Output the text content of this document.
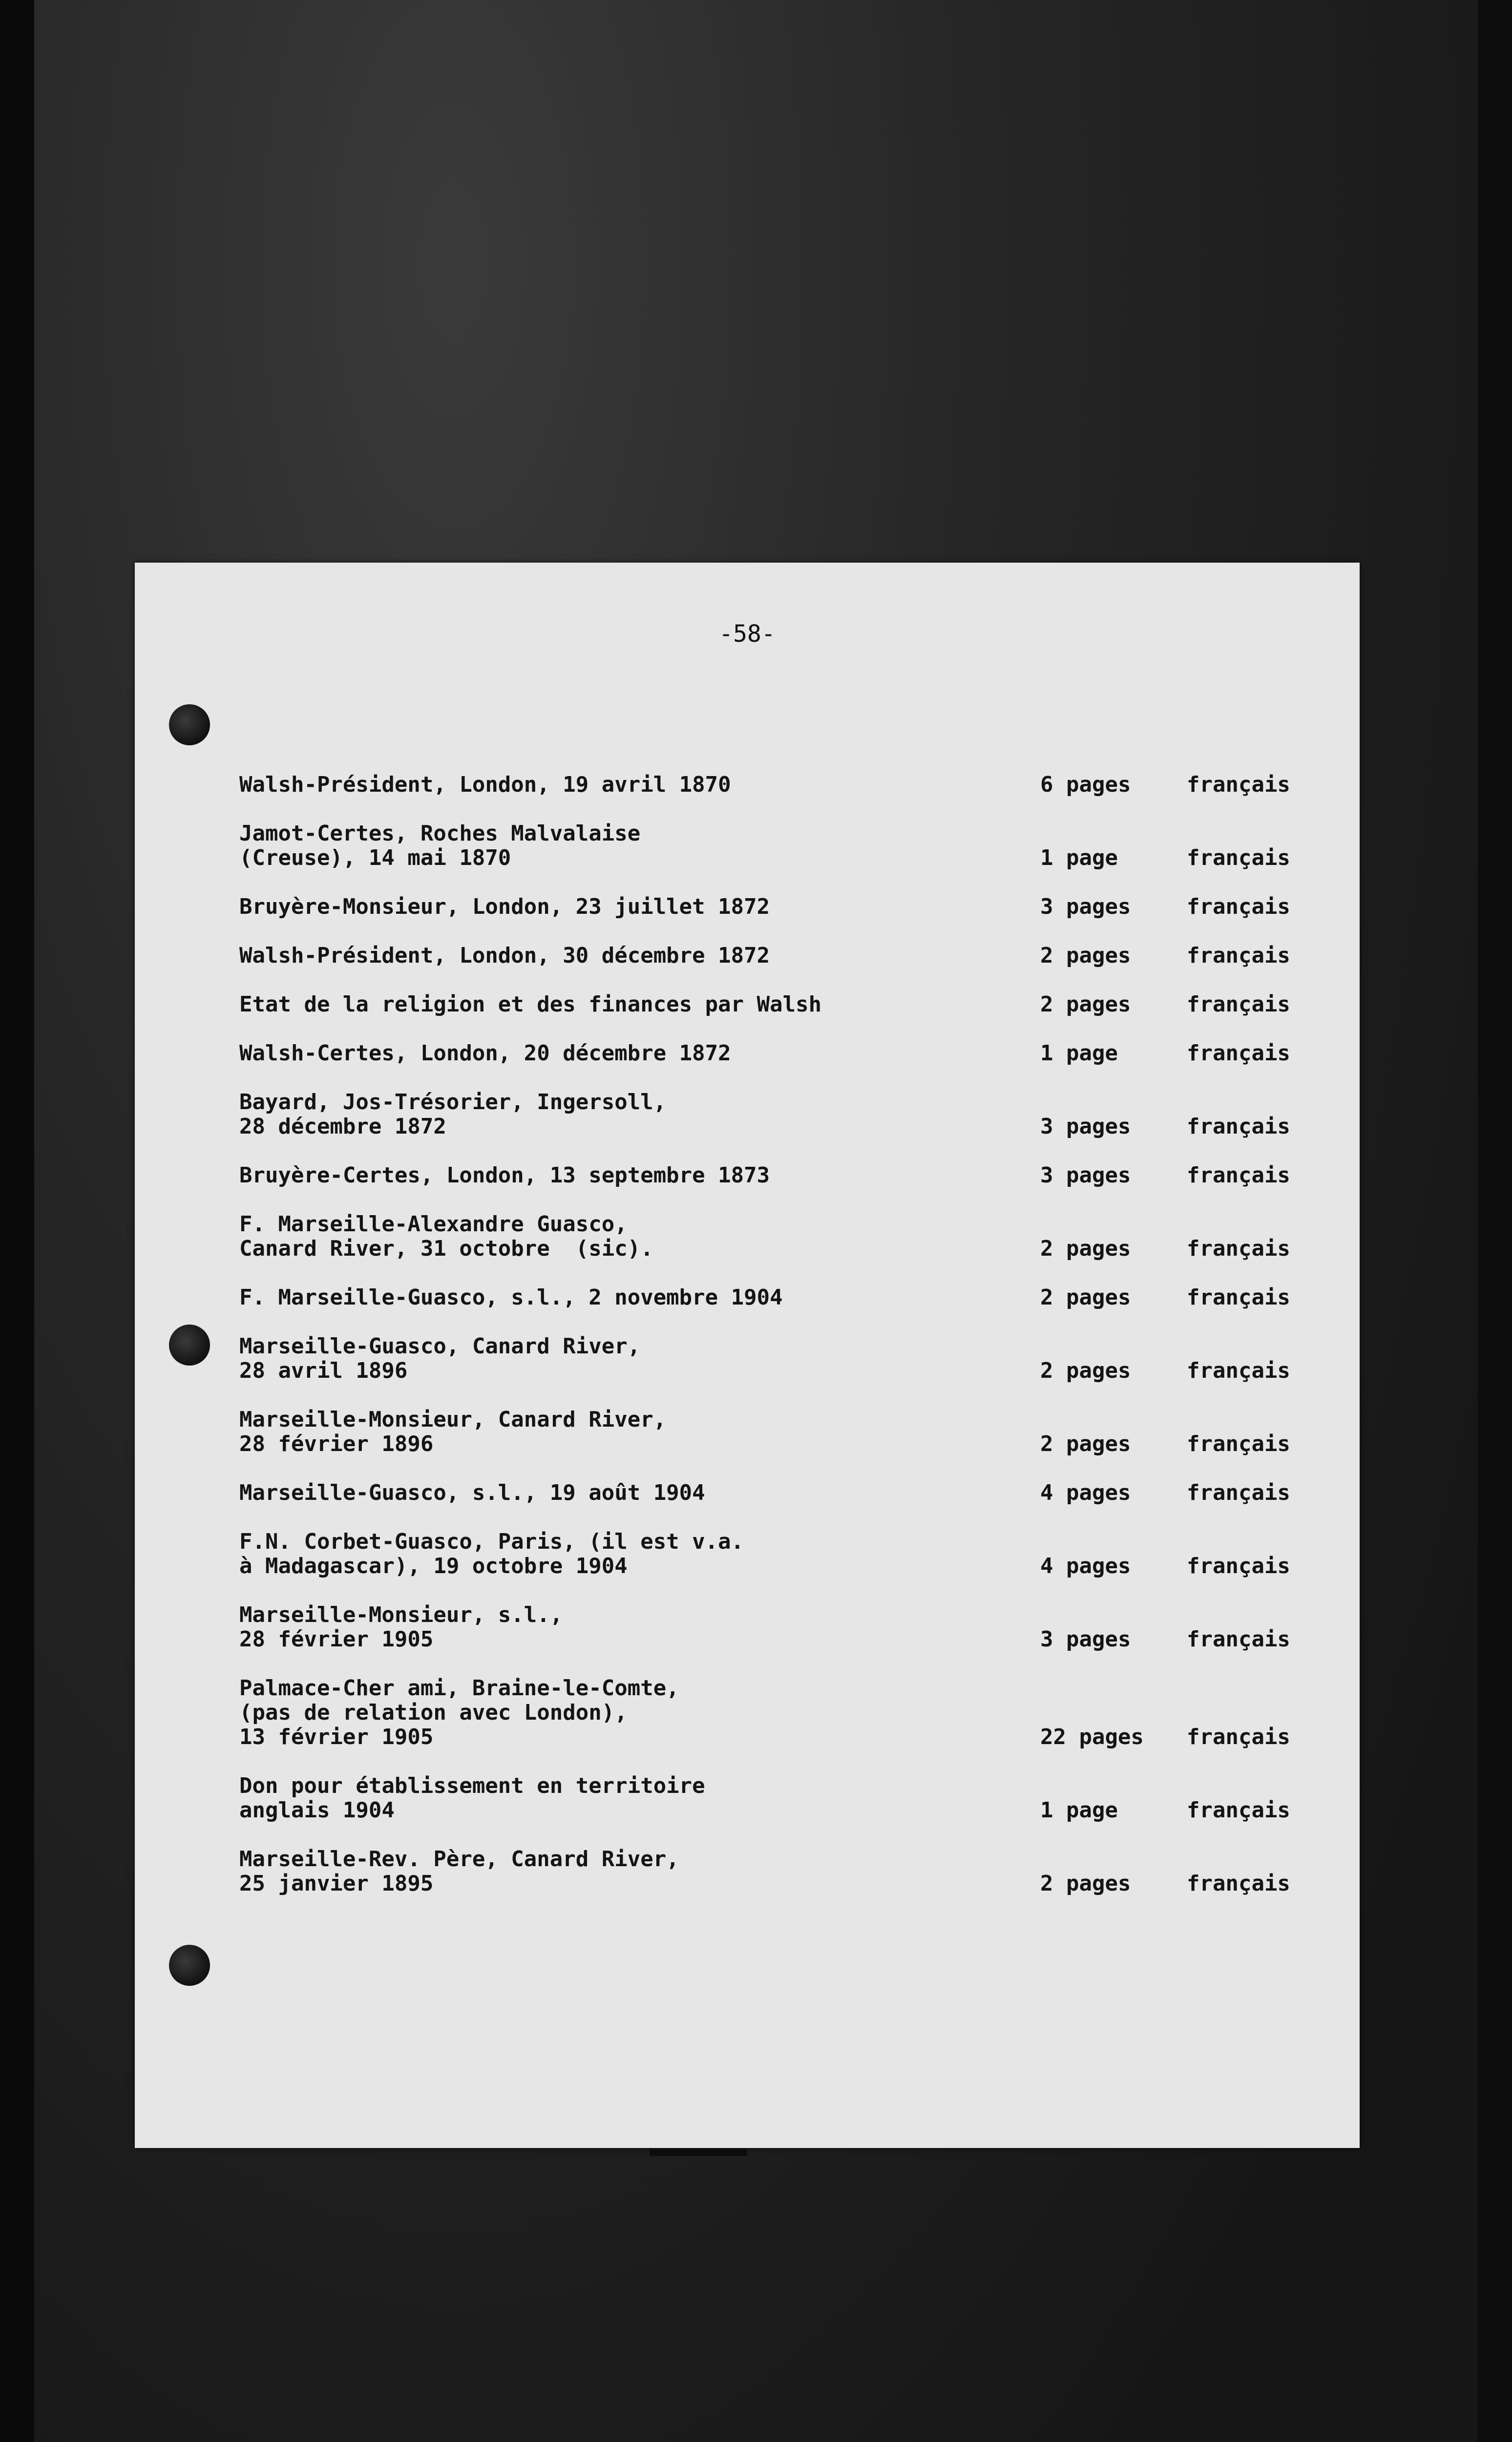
-58-
Walsh-Président, London, 19 avril 1870	6 pages	français
Jamot-Certes, Roches Malvalaise
(Creuse), 14 mai 1870	1 page	français
Bruyère-Monsieur, London, 23 juillet 1872	3 pages	français
Walsh-Président, London, 30 décembre 1872	2 pages	français
Etat de la religion et des finances par Walsh	2 pages	français
Walsh-Certes, London, 20 décembre 1872	1 page	français
Bayard, Jos-Trésorier, Ingersoll,
28 décembre 1872	3 pages	français
Bruyère-Certes, London, 13 septembre 1873	3 pages	français
F. Marseille-Alexandre Guasco,
Canard River, 31 octobre  (sic).	2 pages	français
F. Marseille-Guasco, s.l., 2 novembre 1904	2 pages	français
Marseille-Guasco, Canard River,
28 avril 1896	2 pages	français
Marseille-Monsieur, Canard River,
28 février 1896	2 pages	français
Marseille-Guasco, s.l., 19 août 1904	4 pages	français
F.N. Corbet-Guasco, Paris, (il est v.a.
à Madagascar), 19 octobre 1904	4 pages	français
Marseille-Monsieur, s.l.,
28 février 1905	3 pages	français
Palmace-Cher ami, Braine-le-Comte,
(pas de relation avec London),
13 février 1905	22 pages	français
Don pour établissement en territoire
anglais 1904	1 page	français
Marseille-Rev. Père, Canard River,
25 janvier 1895	2 pages	français
